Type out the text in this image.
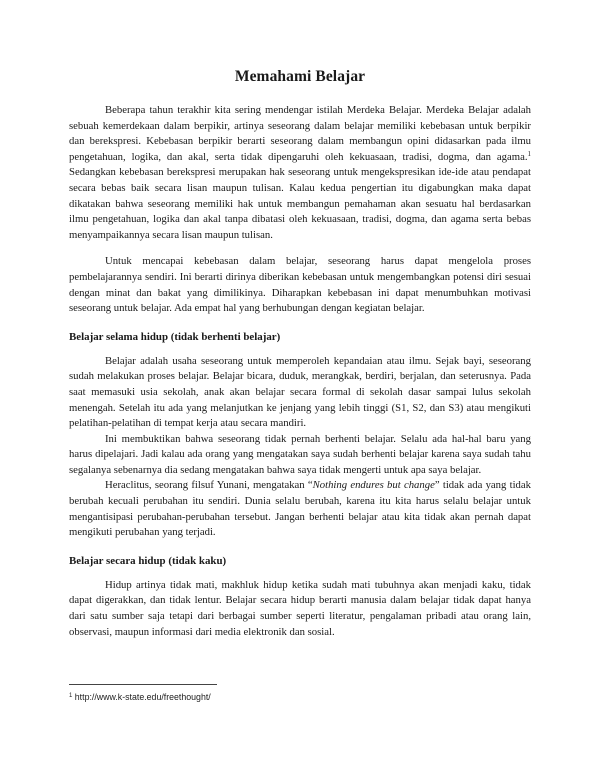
Memahami Belajar

Beberapa tahun terakhir kita sering mendengar istilah Merdeka Belajar. Merdeka Belajar adalah sebuah kemerdekaan dalam berpikir, artinya seseorang dalam belajar memiliki kebebasan untuk berpikir dan berekspresi. Kebebasan berpikir berarti seseorang dalam membangun opini didasarkan pada ilmu pengetahuan, logika, dan akal, serta tidak dipengaruhi oleh kekuasaan, tradisi, dogma, dan agama.$^1$ Sedangkan kebebasan berekspresi merupakan hak seseorang untuk mengekspresikan ide-ide atau pendapat secara bebas baik secara lisan maupun tulisan. Kalau kedua pengertian itu digabungkan maka dapat dikatakan bahwa seseorang memiliki hak untuk membangun pemahaman akan sesuatu hal berdasarkan ilmu pengetahuan, logika dan akal tanpa dibatasi oleh kekuasaan, tradisi, dogma, dan agama serta bebas menyampaikannya secara lisan maupun tulisan.

Untuk mencapai kebebasan dalam belajar, seseorang harus dapat mengelola proses pembelajarannya sendiri. Ini berarti dirinya diberikan kebebasan untuk mengembangkan potensi diri sesuai dengan minat dan bakat yang dimilikinya. Diharapkan kebebasan ini dapat menumbuhkan motivasi seseorang untuk belajar. Ada empat hal yang berhubungan dengan kegiatan belajar.

Belajar selama hidup (tidak berhenti belajar)

Belajar adalah usaha seseorang untuk memperoleh kepandaian atau ilmu. Sejak bayi, seseorang sudah melakukan proses belajar. Belajar bicara, duduk, merangkak, berdiri, berjalan, dan seterusnya. Pada saat memasuki usia sekolah, anak akan belajar secara formal di sekolah dasar sampai lulus sekolah menengah. Setelah itu ada yang melanjutkan ke jenjang yang lebih tinggi (S1, S2, dan S3) atau mengikuti pelatihan-pelatihan di tempat kerja atau secara mandiri.

Ini membuktikan bahwa seseorang tidak pernah berhenti belajar. Selalu ada hal-hal baru yang harus dipelajari. Jadi kalau ada orang yang mengatakan saya sudah berhenti belajar karena saya sudah tahu segalanya sebenarnya dia sedang mengatakan bahwa saya tidak mengerti untuk apa saya belajar.

Heraclitus, seorang filsuf Yunani, mengatakan “Nothing endures but change” tidak ada yang tidak berubah kecuali perubahan itu sendiri. Dunia selalu berubah, karena itu kita harus selalu belajar untuk mengantisipasi perubahan-perubahan tersebut. Jangan berhenti belajar atau kita tidak akan pernah dapat mengikuti perubahan yang terjadi.

Belajar secara hidup (tidak kaku)

Hidup artinya tidak mati, makhluk hidup ketika sudah mati tubuhnya akan menjadi kaku, tidak dapat digerakkan, dan tidak lentur. Belajar secara hidup berarti manusia dalam belajar tidak dapat hanya dari satu sumber saja tetapi dari berbagai sumber seperti literatur, pengalaman pribadi atau orang lain, observasi, maupun informasi dari media elektronik dan sosial.

$^1$ http://www.k-state.edu/freethought/
